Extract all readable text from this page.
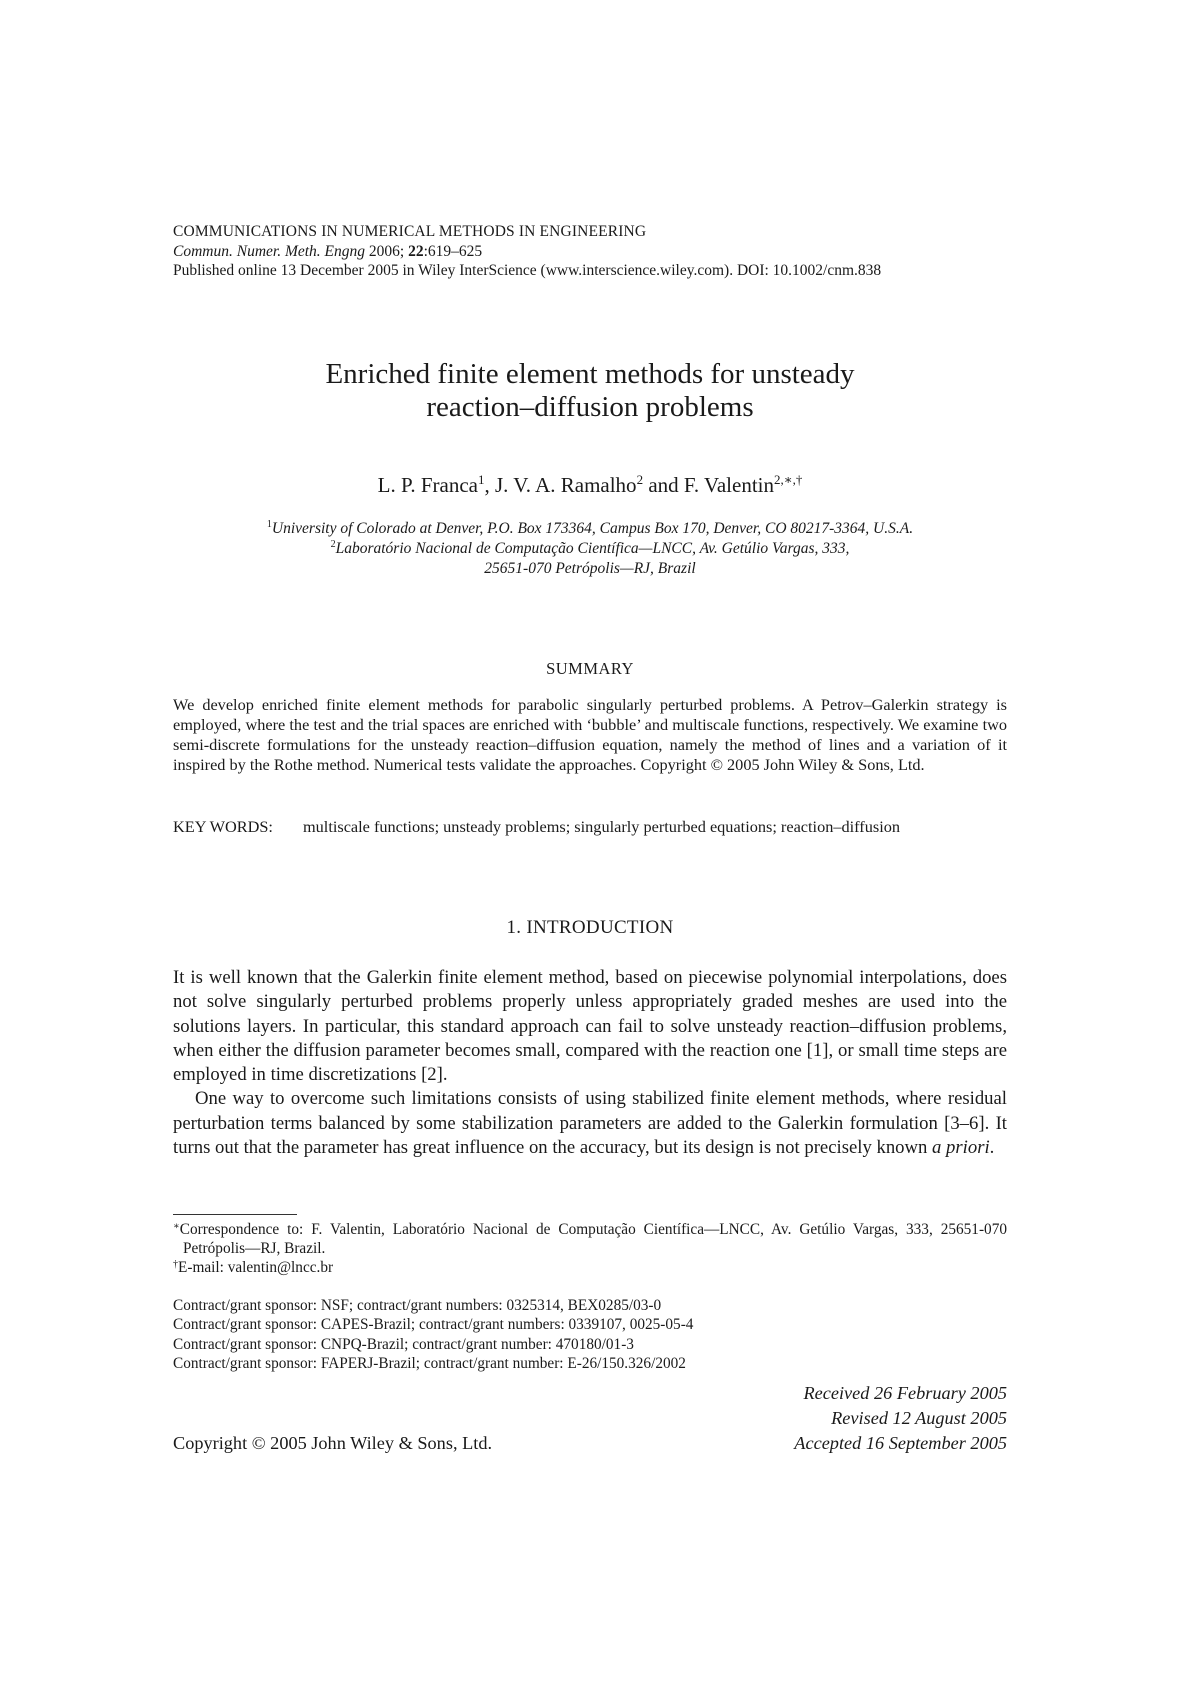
COMMUNICATIONS IN NUMERICAL METHODS IN ENGINEERING
Commun. Numer. Meth. Engng 2006; 22:619–625
Published online 13 December 2005 in Wiley InterScience (www.interscience.wiley.com). DOI: 10.1002/cnm.838
Enriched finite element methods for unsteady
reaction–diffusion problems
L. P. Franca$^1$, J. V. A. Ramalho$^2$ and F. Valentin$^{2,∗,\dagger}$
$^1$University of Colorado at Denver, P.O. Box 173364, Campus Box 170, Denver, CO 80217-3364, U.S.A.
$^2$Laboratório Nacional de Computação Científica—LNCC, Av. Getúlio Vargas, 333,
25651-070 Petrópolis—RJ, Brazil
SUMMARY
We develop enriched finite element methods for parabolic singularly perturbed problems. A Petrov–Galerkin strategy is employed, where the test and the trial spaces are enriched with ‘bubble’ and multiscale functions, respectively. We examine two semi-discrete formulations for the unsteady reaction–diffusion equation, namely the method of lines and a variation of it inspired by the Rothe method. Numerical tests validate the approaches. Copyright © 2005 John Wiley & Sons, Ltd.
KEY WORDS:	multiscale functions; unsteady problems; singularly perturbed equations; reaction–diffusion
1. INTRODUCTION

It is well known that the Galerkin finite element method, based on piecewise polynomial interpolations, does not solve singularly perturbed problems properly unless appropriately graded meshes are used into the solutions layers. In particular, this standard approach can fail to solve unsteady reaction–diffusion problems, when either the diffusion parameter becomes small, compared with the reaction one [1], or small time steps are employed in time discretizations [2].

One way to overcome such limitations consists of using stabilized finite element methods, where residual perturbation terms balanced by some stabilization parameters are added to the Galerkin formulation [3–6]. It turns out that the parameter has great influence on the accuracy, but its design is not precisely known a priori.

∗Correspondence to: F. Valentin, Laboratório Nacional de Computação Científica—LNCC, Av. Getúlio Vargas, 333, 25651-070 Petrópolis—RJ, Brazil.
†E-mail: valentin@lncc.br
Contract/grant sponsor: NSF; contract/grant numbers: 0325314, BEX0285/03-0
Contract/grant sponsor: CAPES-Brazil; contract/grant numbers: 0339107, 0025-05-4
Contract/grant sponsor: CNPQ-Brazil; contract/grant number: 470180/01-3
Contract/grant sponsor: FAPERJ-Brazil; contract/grant number: E-26/150.326/2002
Received 26 February 2005
Revised 12 August 2005
Accepted 16 September 2005
Copyright © 2005 John Wiley & Sons, Ltd.
